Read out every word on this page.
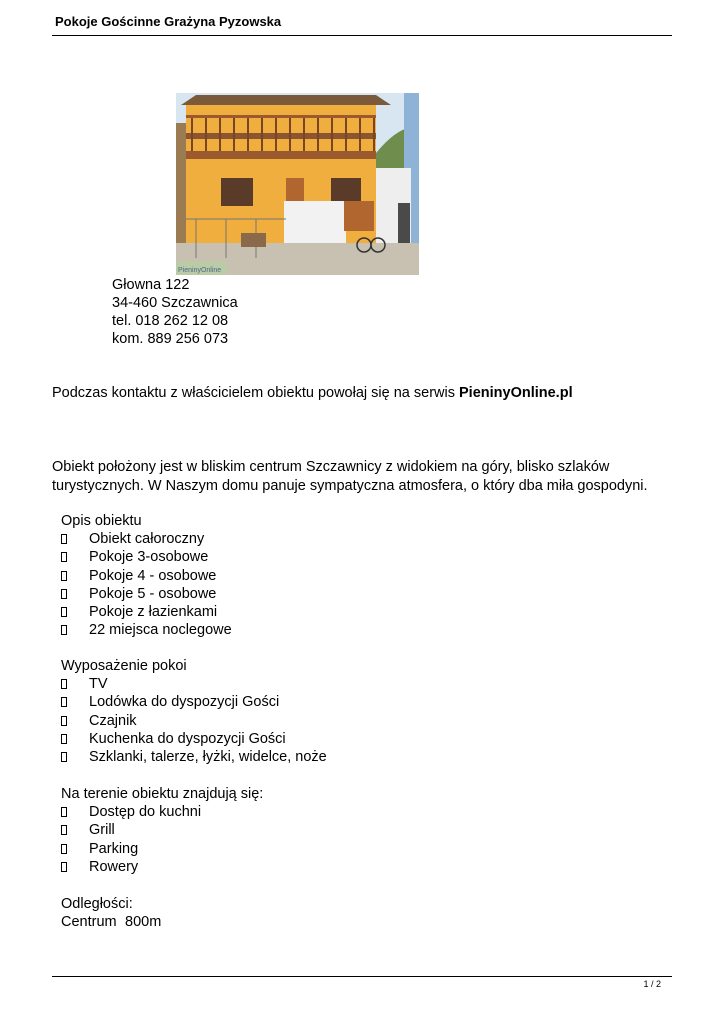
Pokoje Gościnne Grażyna Pyzowska
PieninyOnline
Głowna 122
34-460 Szczawnica
tel. 018 262 12 08
kom. 889 256 073
Podczas kontaktu z właścicielem obiektu powołaj się na serwis PieninyOnline.pl
Obiekt położony jest w bliskim centrum Szczawnicy z widokiem na góry, blisko szlaków
turystycznych. W Naszym domu panuje sympatyczna atmosfera, o który dba miła gospodyni.
Opis obiektu
Obiekt całoroczny
Pokoje 3-osobowe
Pokoje 4 - osobowe
Pokoje 5 - osobowe
Pokoje z łazienkami
22 miejsca noclegowe
Wyposażenie pokoi
TV
Lodówka do dyspozycji Gości
Czajnik
Kuchenka do dyspozycji Gości
Szklanki, talerze, łyżki, widelce, noże
Na terenie obiektu znajdują się:
Dostęp do kuchni
Grill
Parking
Rowery
Odległości:
Centrum 800m
1 / 2
